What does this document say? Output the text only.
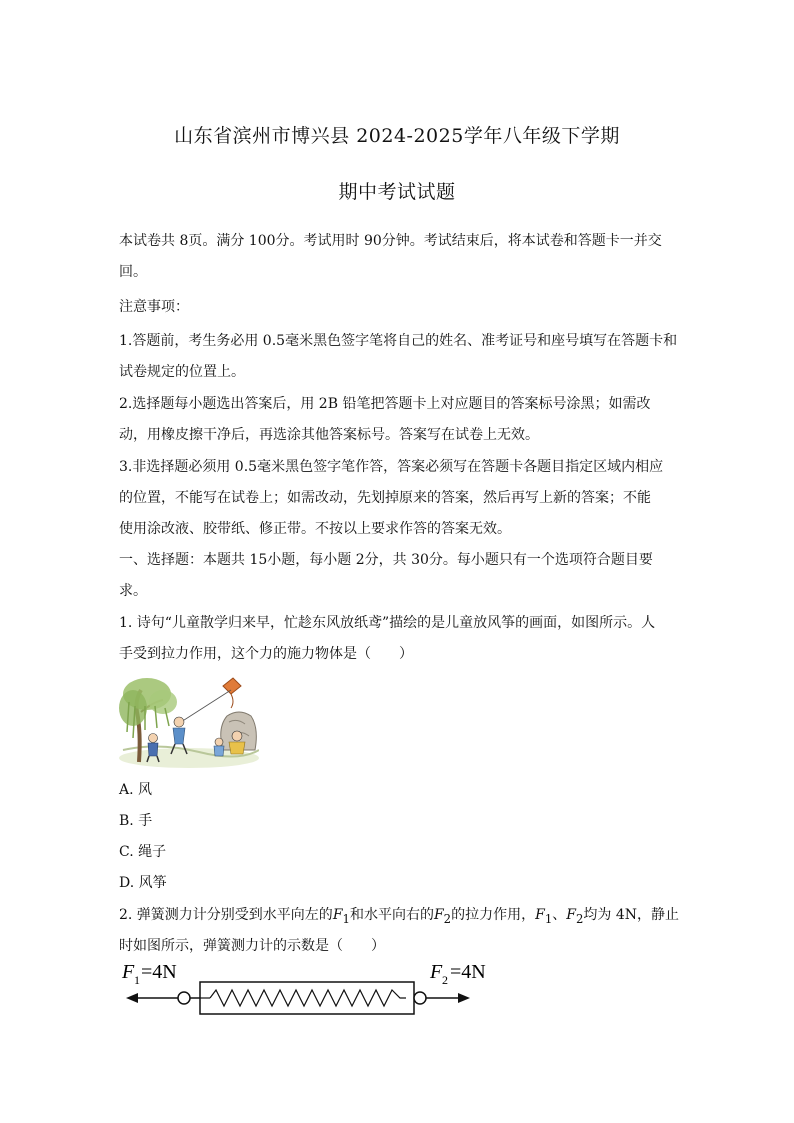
山东省滨州市博兴县 2024-2025学年八年级下学期
期中考试试题
本试卷共 8页。满分 100分。考试用时 90分钟。考试结束后，将本试卷和答题卡一并交
回。
注意事项：
1.答题前，考生务必用 0.5毫米黑色签字笔将自己的姓名、准考证号和座号填写在答题卡和
试卷规定的位置上。
2.选择题每小题选出答案后，用 2B 铅笔把答题卡上对应题目的答案标号涂黑；如需改
动，用橡皮擦干净后，再选涂其他答案标号。答案写在试卷上无效。
3.非选择题必须用 0.5毫米黑色签字笔作答，答案必须写在答题卡各题目指定区域内相应
的位置，不能写在试卷上；如需改动，先划掉原来的答案，然后再写上新的答案；不能
使用涂改液、胶带纸、修正带。不按以上要求作答的答案无效。
一、选择题：本题共 15小题，每小题 2分，共 30分。每小题只有一个选项符合题目要
求。
1. 诗句“儿童散学归来早，忙趁东风放纸鸢”描绘的是儿童放风筝的画面，如图所示。人
手受到拉力作用，这个力的施力物体是（　　）
A. 风
B. 手
C. 绳子
D. 风筝
2. 弹簧测力计分别受到水平向左的$F_1$和水平向右的$F_2$的拉力作用，$F_1$、$F_2$均为 4N，静止
时如图所示，弹簧测力计的示数是（　　）
F 1 =4N	F 2 =4N
